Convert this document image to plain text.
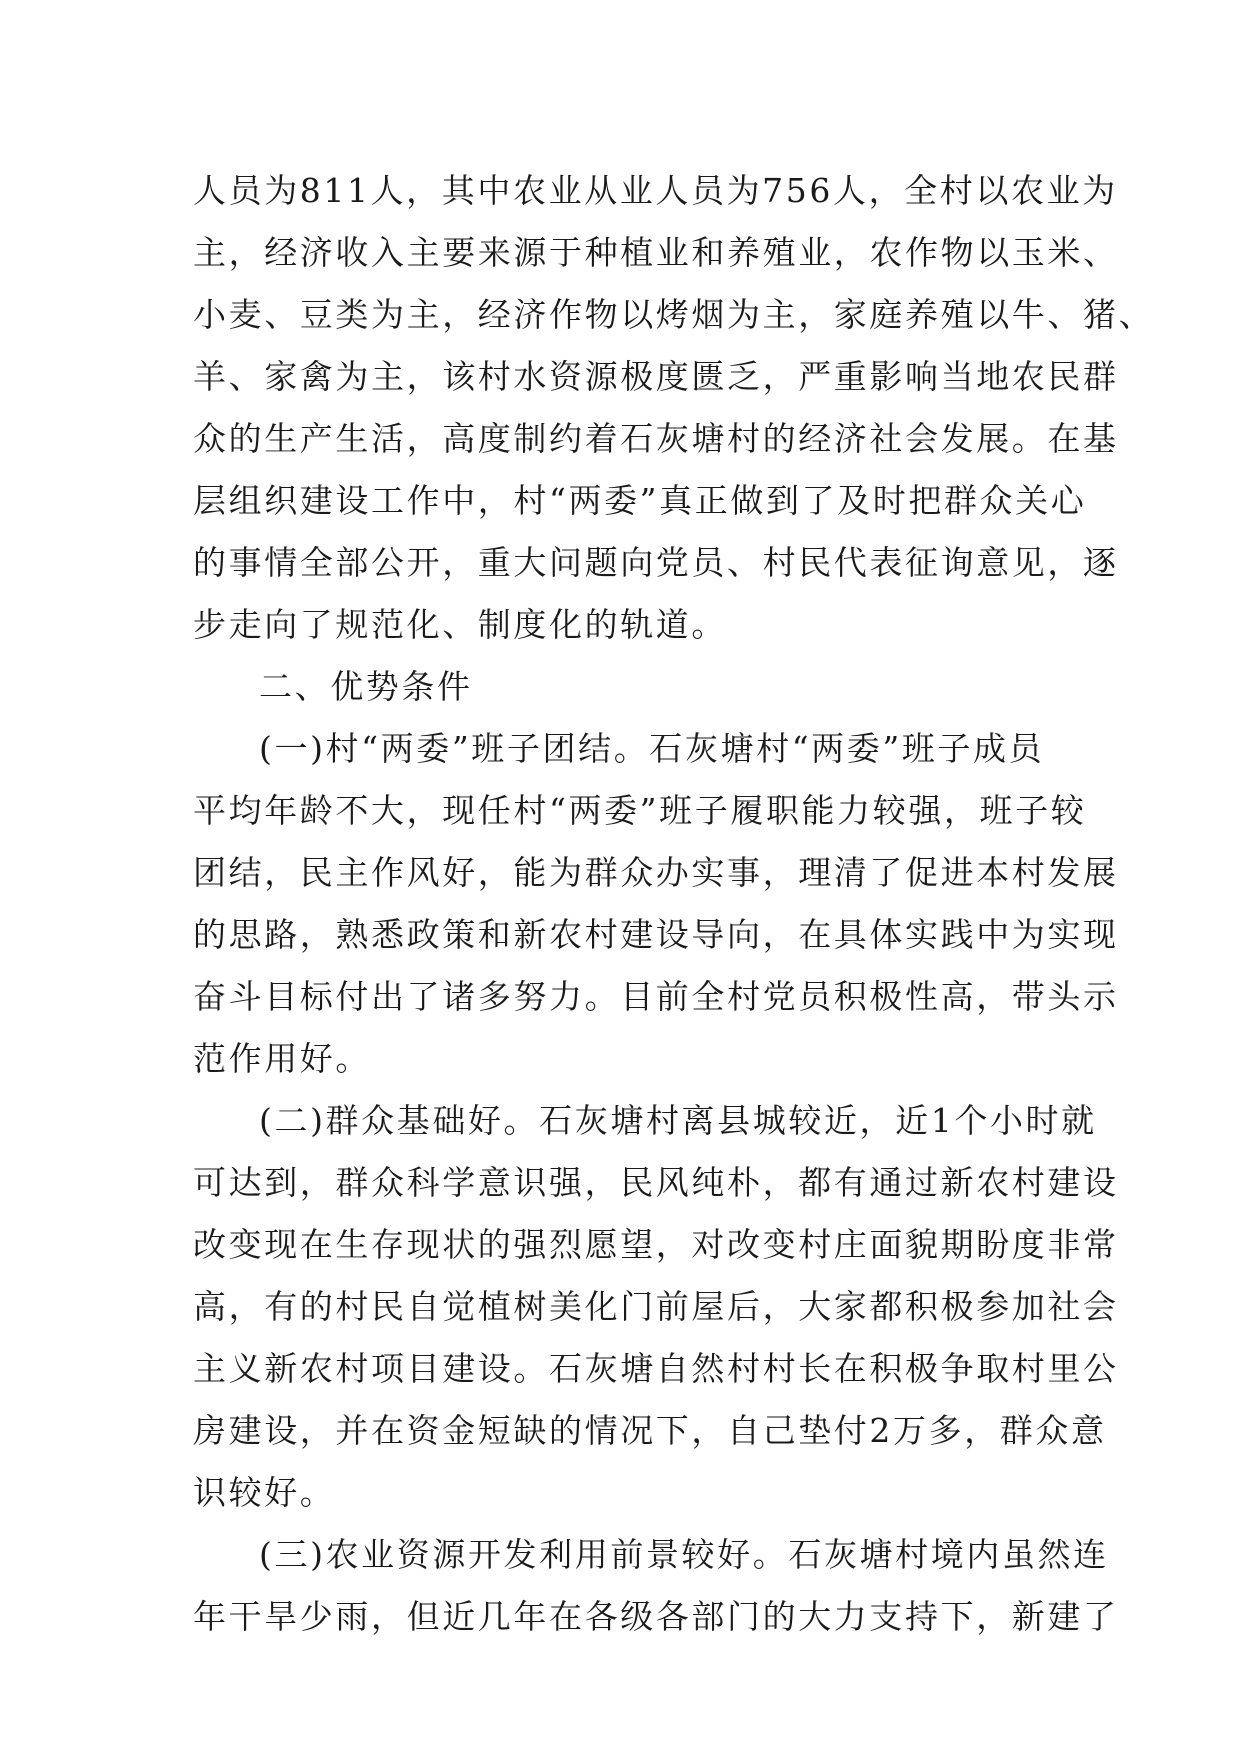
人员为811人，其中农业从业人员为756人，全村以农业为
主，经济收入主要来源于种植业和养殖业，农作物以玉米、
小麦、豆类为主，经济作物以烤烟为主，家庭养殖以牛、猪、
羊、家禽为主，该村水资源极度匮乏，严重影响当地农民群
众的生产生活，高度制约着石灰塘村的经济社会发展。在基
层组织建设工作中，村“两委”真正做到了及时把群众关心
的事情全部公开，重大问题向党员、村民代表征询意见，逐
步走向了规范化、制度化的轨道。
二、优势条件
(一)村“两委”班子团结。石灰塘村“两委”班子成员
平均年龄不大，现任村“两委”班子履职能力较强，班子较
团结，民主作风好，能为群众办实事，理清了促进本村发展
的思路，熟悉政策和新农村建设导向，在具体实践中为实现
奋斗目标付出了诸多努力。目前全村党员积极性高，带头示
范作用好。
(二)群众基础好。石灰塘村离县城较近，近1个小时就
可达到，群众科学意识强，民风纯朴，都有通过新农村建设
改变现在生存现状的强烈愿望，对改变村庄面貌期盼度非常
高，有的村民自觉植树美化门前屋后，大家都积极参加社会
主义新农村项目建设。石灰塘自然村村长在积极争取村里公
房建设，并在资金短缺的情况下，自己垫付2万多，群众意
识较好。
(三)农业资源开发利用前景较好。石灰塘村境内虽然连
年干旱少雨，但近几年在各级各部门的大力支持下，新建了
